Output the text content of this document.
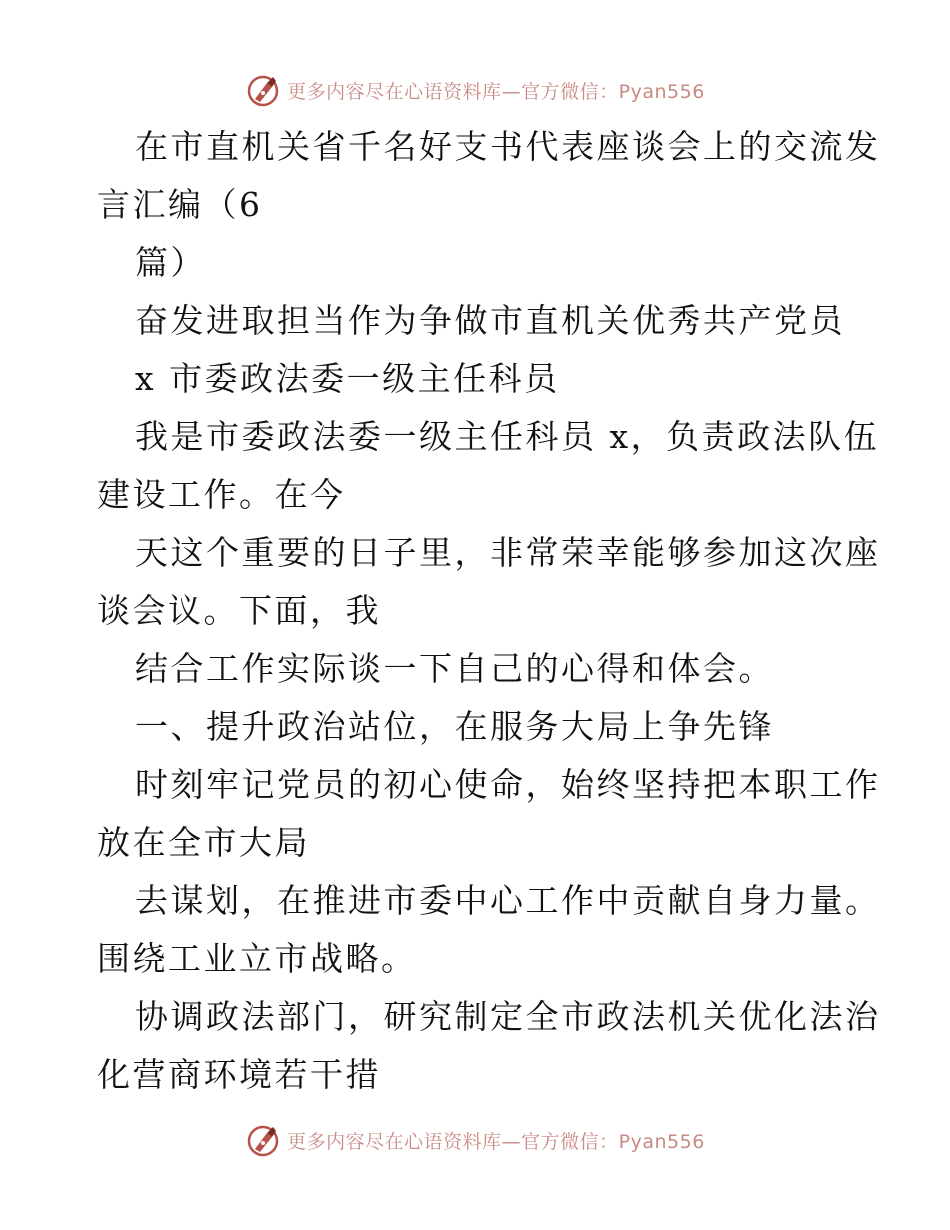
更多内容尽在心语资料库—官方微信：Pyan556

在市直机关省千名好支书代表座谈会上的交流发

言汇编（6

篇）

奋发进取担当作为争做市直机关优秀共产党员

x 市委政法委一级主任科员

我是市委政法委一级主任科员 x，负责政法队伍

建设工作。在今

天这个重要的日子里，非常荣幸能够参加这次座

谈会议。下面，我

结合工作实际谈一下自己的心得和体会。

一、提升政治站位，在服务大局上争先锋

时刻牢记党员的初心使命，始终坚持把本职工作

放在全市大局

去谋划，在推进市委中心工作中贡献自身力量。

围绕工业立市战略。

协调政法部门，研究制定全市政法机关优化法治

化营商环境若干措

更多内容尽在心语资料库—官方微信：Pyan556
